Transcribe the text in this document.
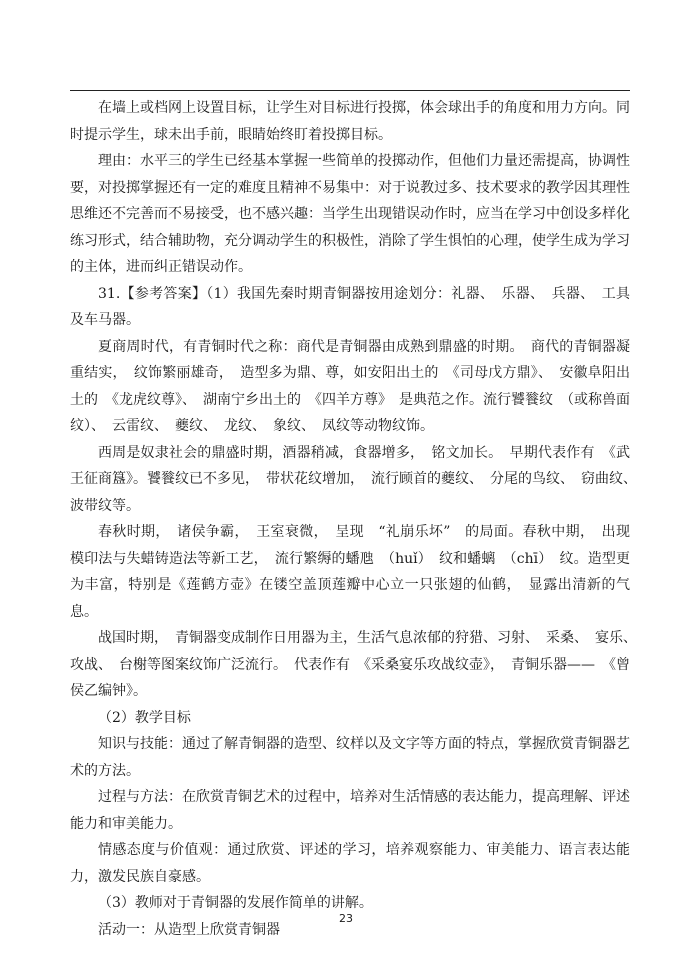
在墙上或档网上设置目标，让学生对目标进行投掷，体会球出手的角度和用力方向。同时提示学生，球未出手前，眼睛始终盯着投掷目标。

理由：水平三的学生已经基本掌握一些简单的投掷动作，但他们力量还需提高，协调性要，对投掷掌握还有一定的难度且精神不易集中：对于说教过多、技术要求的教学因其理性思维还不完善而不易接受，也不感兴趣：当学生出现错误动作时，应当在学习中创设多样化练习形式，结合辅助物，充分调动学生的积极性，消除了学生惧怕的心理，使学生成为学习的主体，进而纠正错误动作。

31.【参考答案】（1）我国先秦时期青铜器按用途划分：礼器、　乐器、　兵器、　工具及车马器。

夏商周时代，有青铜时代之称：商代是青铜器由成熟到鼎盛的时期。　商代的青铜器凝重结实，　纹饰繁丽雄奇，　造型多为鼎、尊，如安阳出土的　《司母戊方鼎》、　安徽阜阳出土的　《龙虎纹尊》、　湖南宁乡出土的　《四羊方尊》　是典范之作。流行饕餮纹　（或称兽面纹）、　云雷纹、　夔纹、　龙纹、　象纹、　凤纹等动物纹饰。

西周是奴隶社会的鼎盛时期，酒器稍减，食器增多，　铭文加长。　早期代表作有　《武王征商簋》。饕餮纹已不多见，　带状花纹增加，　流行顾首的夔纹、　分尾的鸟纹、　窃曲纹、　波带纹等。

春秋时期，　诸侯争霸，　王室衰微，　呈现　“礼崩乐坏”　的局面。春秋中期，　出现模印法与失蜡铸造法等新工艺，　流行繁缛的蟠虺　（huǐ）　纹和蟠螭　（chī）　纹。造型更为丰富，特别是《莲鹤方壶》在镂空盖顶莲瓣中心立一只张翅的仙鹤，　显露出清新的气息。

战国时期，　青铜器变成制作日用器为主，生活气息浓郁的狩猎、习射、　采桑、　宴乐、　攻战、　台榭等图案纹饰广泛流行。　代表作有　《采桑宴乐攻战纹壶》，　青铜乐器——　《曾侯乙编钟》。

（2）教学目标

知识与技能：通过了解青铜器的造型、纹样以及文字等方面的特点，掌握欣赏青铜器艺术的方法。

过程与方法：在欣赏青铜艺术的过程中，培养对生活情感的表达能力，提高理解、评述能力和审美能力。

情感态度与价值观：通过欣赏、评述的学习，培养观察能力、审美能力、语言表达能力，激发民族自豪感。

（3）教师对于青铜器的发展作简单的讲解。

活动一：从造型上欣赏青铜器

23
